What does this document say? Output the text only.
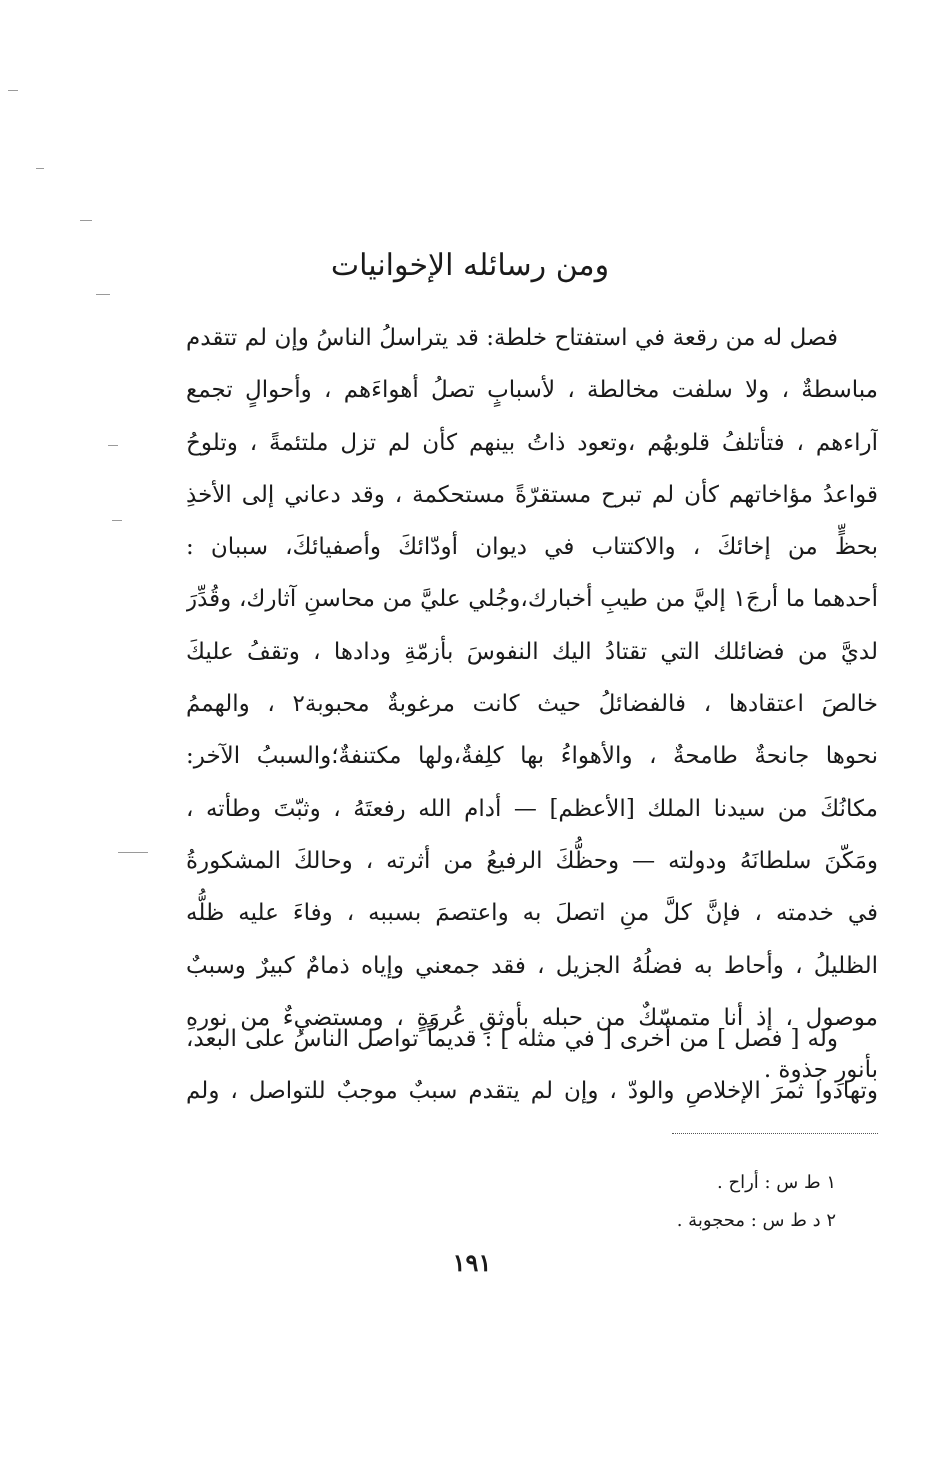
ومن رسائله الإخوانيات
فصل له من رقعة في استفتاح خلطة: قد يتراسلُ الناسُ وإن لم تتقدم
مباسطةٌ ، ولا سلفت مخالطة ، لأسبابٍ تصلُ أهواءَهم ، وأحوالٍ تجمع
آراءهم ، فتأتلفُ قلوبهُم ،وتعود ذاتُ بينهم كأن لم تزل ملتئمةً ، وتلوحُ
قواعدُ مؤاخاتهم كأن لم تبرح مستقرّةً مستحكمة ، وقد دعاني إلى الأخذِ
بحظٍّ من إخائكَ ، والاكتتاب في ديوان أودّائكَ وأصفيائكَ، سببان :
أحدهما ما أرجَ١ إليَّ من طيبِ أخبارك،وجُلي عليَّ من محاسنِ آثارك، وقُدِّرَ
لديَّ من فضائلك التي تقتادُ اليك النفوسَ بأزمّةِ ودادها ، وتقفُ عليكَ
خالصَ اعتقادها ، فالفضائلُ حيث كانت مرغوبةٌ محبوبة٢ ، والهممُ
نحوها جانحةٌ طامحةٌ ، والأهواءُ بها كلِفةٌ،ولها مكتنفةٌ؛والسببُ الآخر:
مكانُكَ من سيدنا الملك [الأعظم] — أدام الله رفعتَهُ ، وثبّتَ وطأته ،
ومَكّنَ سلطانَهُ ودولته — وحظُّكَ الرفيعُ من أثرته ، وحالكَ المشكورةُ
في خدمته ، فإنَّ كلَّ منِ اتصلَ به واعتصمَ بسببه ، وفاءَ عليه ظلُّه
الظليلُ ، وأحاط به فضلُهُ الجزيل ، فقد جمعني وإياه ذمامٌ كبيرٌ وسببٌ
موصول ، إذ أنا متمسّكٌ من حبله بأوثقِ عُروَةٍ ، ومستضيءٌ من نورهِ
بأنورِ جذوة .
وله [ فصل ] من أخرى [ في مثله ] : قديماً تواصل الناسُ على البعد،
وتهادوا ثمرَ الإخلاصِ والودّ ، وإن لم يتقدم سببٌ موجبٌ للتواصل ، ولم
١ ط س : أراح .
٢ د ط س : محجوبة .
١٩١
